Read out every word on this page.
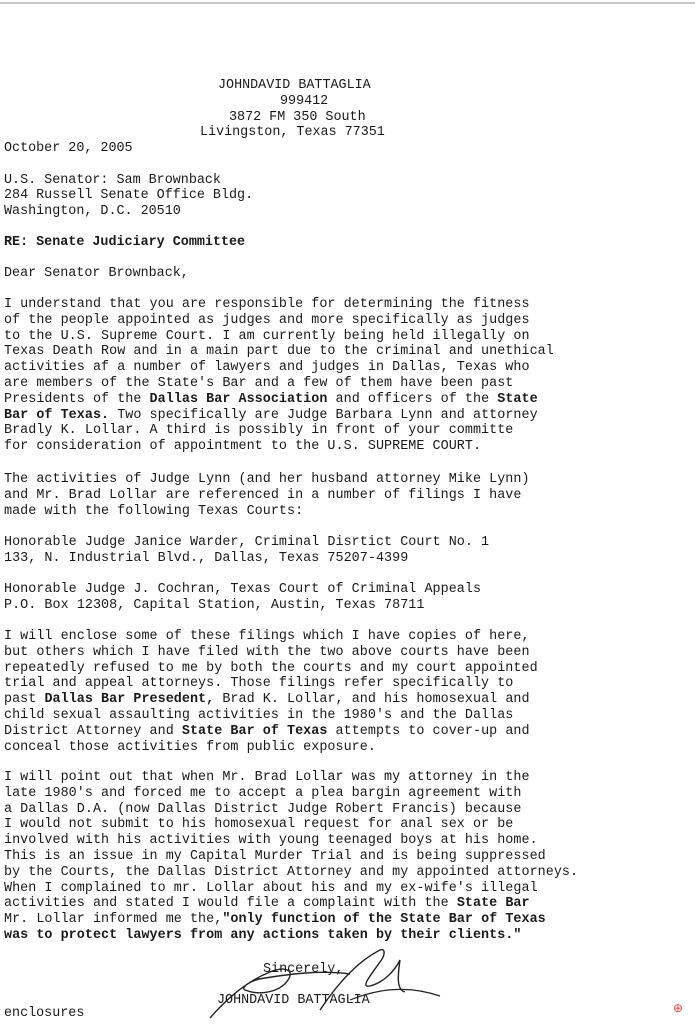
JOHNDAVID BATTAGLIA
999412
3872 FM 350 South
Livingston, Texas 77351
October 20, 2005
U.S. Senator: Sam Brownback
284 Russell Senate Office Bldg.
Washington, D.C. 20510
RE: Senate Judiciary Committee
Dear Senator Brownback,
I understand that you are responsible for determining the fitness
of the people appointed as judges and more specifically as judges
to the U.S. Supreme Court. I am currently being held illegally on
Texas Death Row and in a main part due to the criminal and unethical
activities af a number of lawyers and judges in Dallas, Texas who
are members of the State's Bar and a few of them have been past
Presidents of the Dallas Bar Association and officers of the State
Bar of Texas. Two specifically are Judge Barbara Lynn and attorney
Bradly K. Lollar. A third is possibly in front of your committe
for consideration of appointment to the U.S. SUPREME COURT.
The activities of Judge Lynn (and her husband attorney Mike Lynn)
and Mr. Brad Lollar are referenced in a number of filings I have
made with the following Texas Courts:
Honorable Judge Janice Warder, Criminal Disrtict Court No. 1
133, N. Industrial Blvd., Dallas, Texas 75207-4399
Honorable Judge J. Cochran, Texas Court of Criminal Appeals
P.O. Box 12308, Capital Station, Austin, Texas 78711
I will enclose some of these filings which I have copies of here,
but others which I have filed with the two above courts have been
repeatedly refused to me by both the courts and my court appointed
trial and appeal attorneys. Those filings refer specifically to
past Dallas Bar Presedent, Brad K. Lollar, and his homosexual and
child sexual assaulting activities in the 1980's and the Dallas
District Attorney and State Bar of Texas attempts to cover-up and
conceal those activities from public exposure.
I will point out that when Mr. Brad Lollar was my attorney in the
late 1980's and forced me to accept a plea bargin agreement with
a Dallas D.A. (now Dallas District Judge Robert Francis) because
I would not submit to his homosexual request for anal sex or be
involved with his activities with young teenaged boys at his home.
This is an issue in my Capital Murder Trial and is being suppressed
by the Courts, the Dallas District Attorney and my appointed attorneys.
When I complained to mr. Lollar about his and my ex-wife's illegal
activities and stated I would file a complaint with the State Bar
Mr. Lollar informed me the,"only function of the State Bar of Texas
was to protect lawyers from any actions taken by their clients."
Sincerely,
JOHNDAVID BATTAGLIA
enclosures	⊕
